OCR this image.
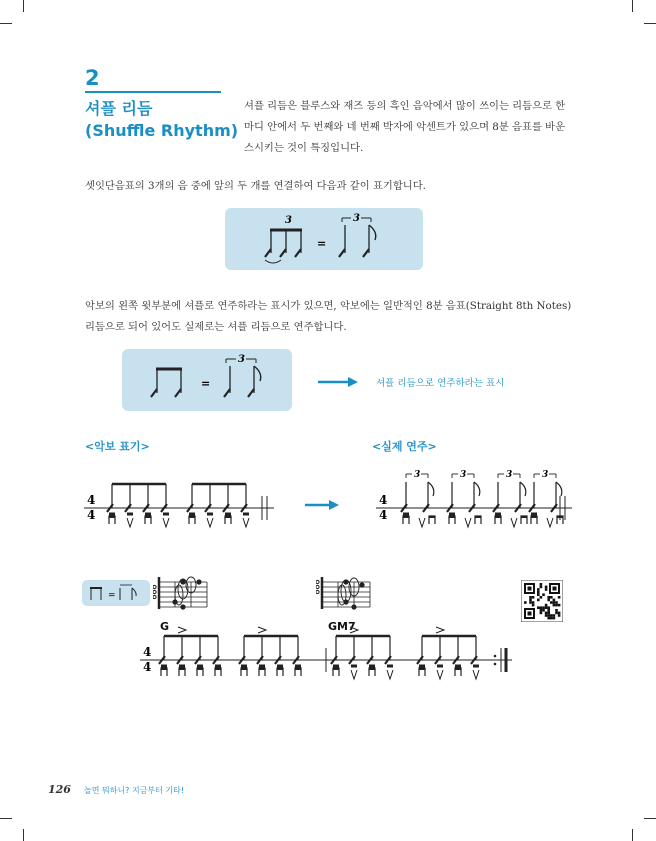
2
셔플 리듬
(Shuffle Rhythm)
셔플 리듬은 블루스와 재즈 등의 흑인 음악에서 많이 쓰이는 리듬으로 한 마디 안에서 두 번째와 네 번째 박자에 악센트가 있으며 8분 음표를 바운스시키는 것이 특징입니다.
셋잇단음표의 3개의 음 중에 앞의 두 개를 연결하여 다음과 같이 표기합니다.
3
=
3
악보의 왼쪽 윗부분에 셔플로 연주하라는 표시가 있으면, 악보에는 일반적인 8분 음표(Straight 8th Notes) 리듬으로 되어 있어도 실제로는 셔플 리듬으로 연주합니다.
=
3
셔플 리듬으로 연주하라는 표시
<악보 표기>	<실제 연주>
4
4
4
4
3	3	3	3
=
G	GM7
4
4
126 놀면 뭐하니? 지금부터 기타!
